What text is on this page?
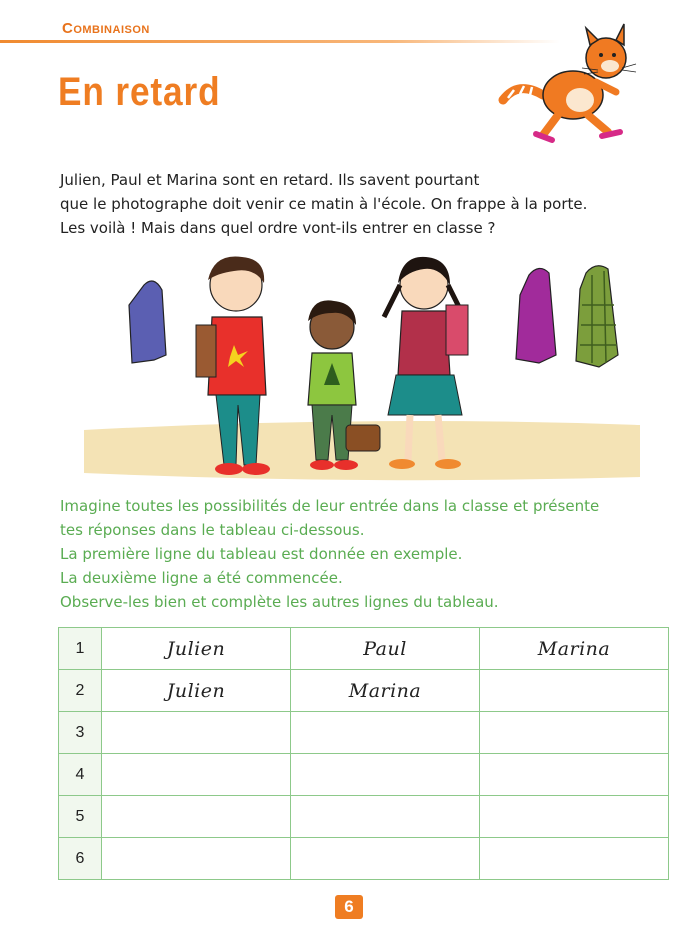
Combinaison
En retard

Julien, Paul et Marina sont en retard. Ils savent pourtant

que le photographe doit venir ce matin à l'école. On frappe à la porte.

Les voilà ! Mais dans quel ordre vont-ils entrer en classe ?

Imagine toutes les possibilités de leur entrée dans la classe et présente

tes réponses dans le tableau ci-dessous.

La première ligne du tableau est donnée en exemple.

La deuxième ligne a été commencée.

Observe-les bien et complète les autres lignes du tableau.

1	Julien	Paul	Marina
2	Julien	Marina	
3			
4			
5			
6			
6
